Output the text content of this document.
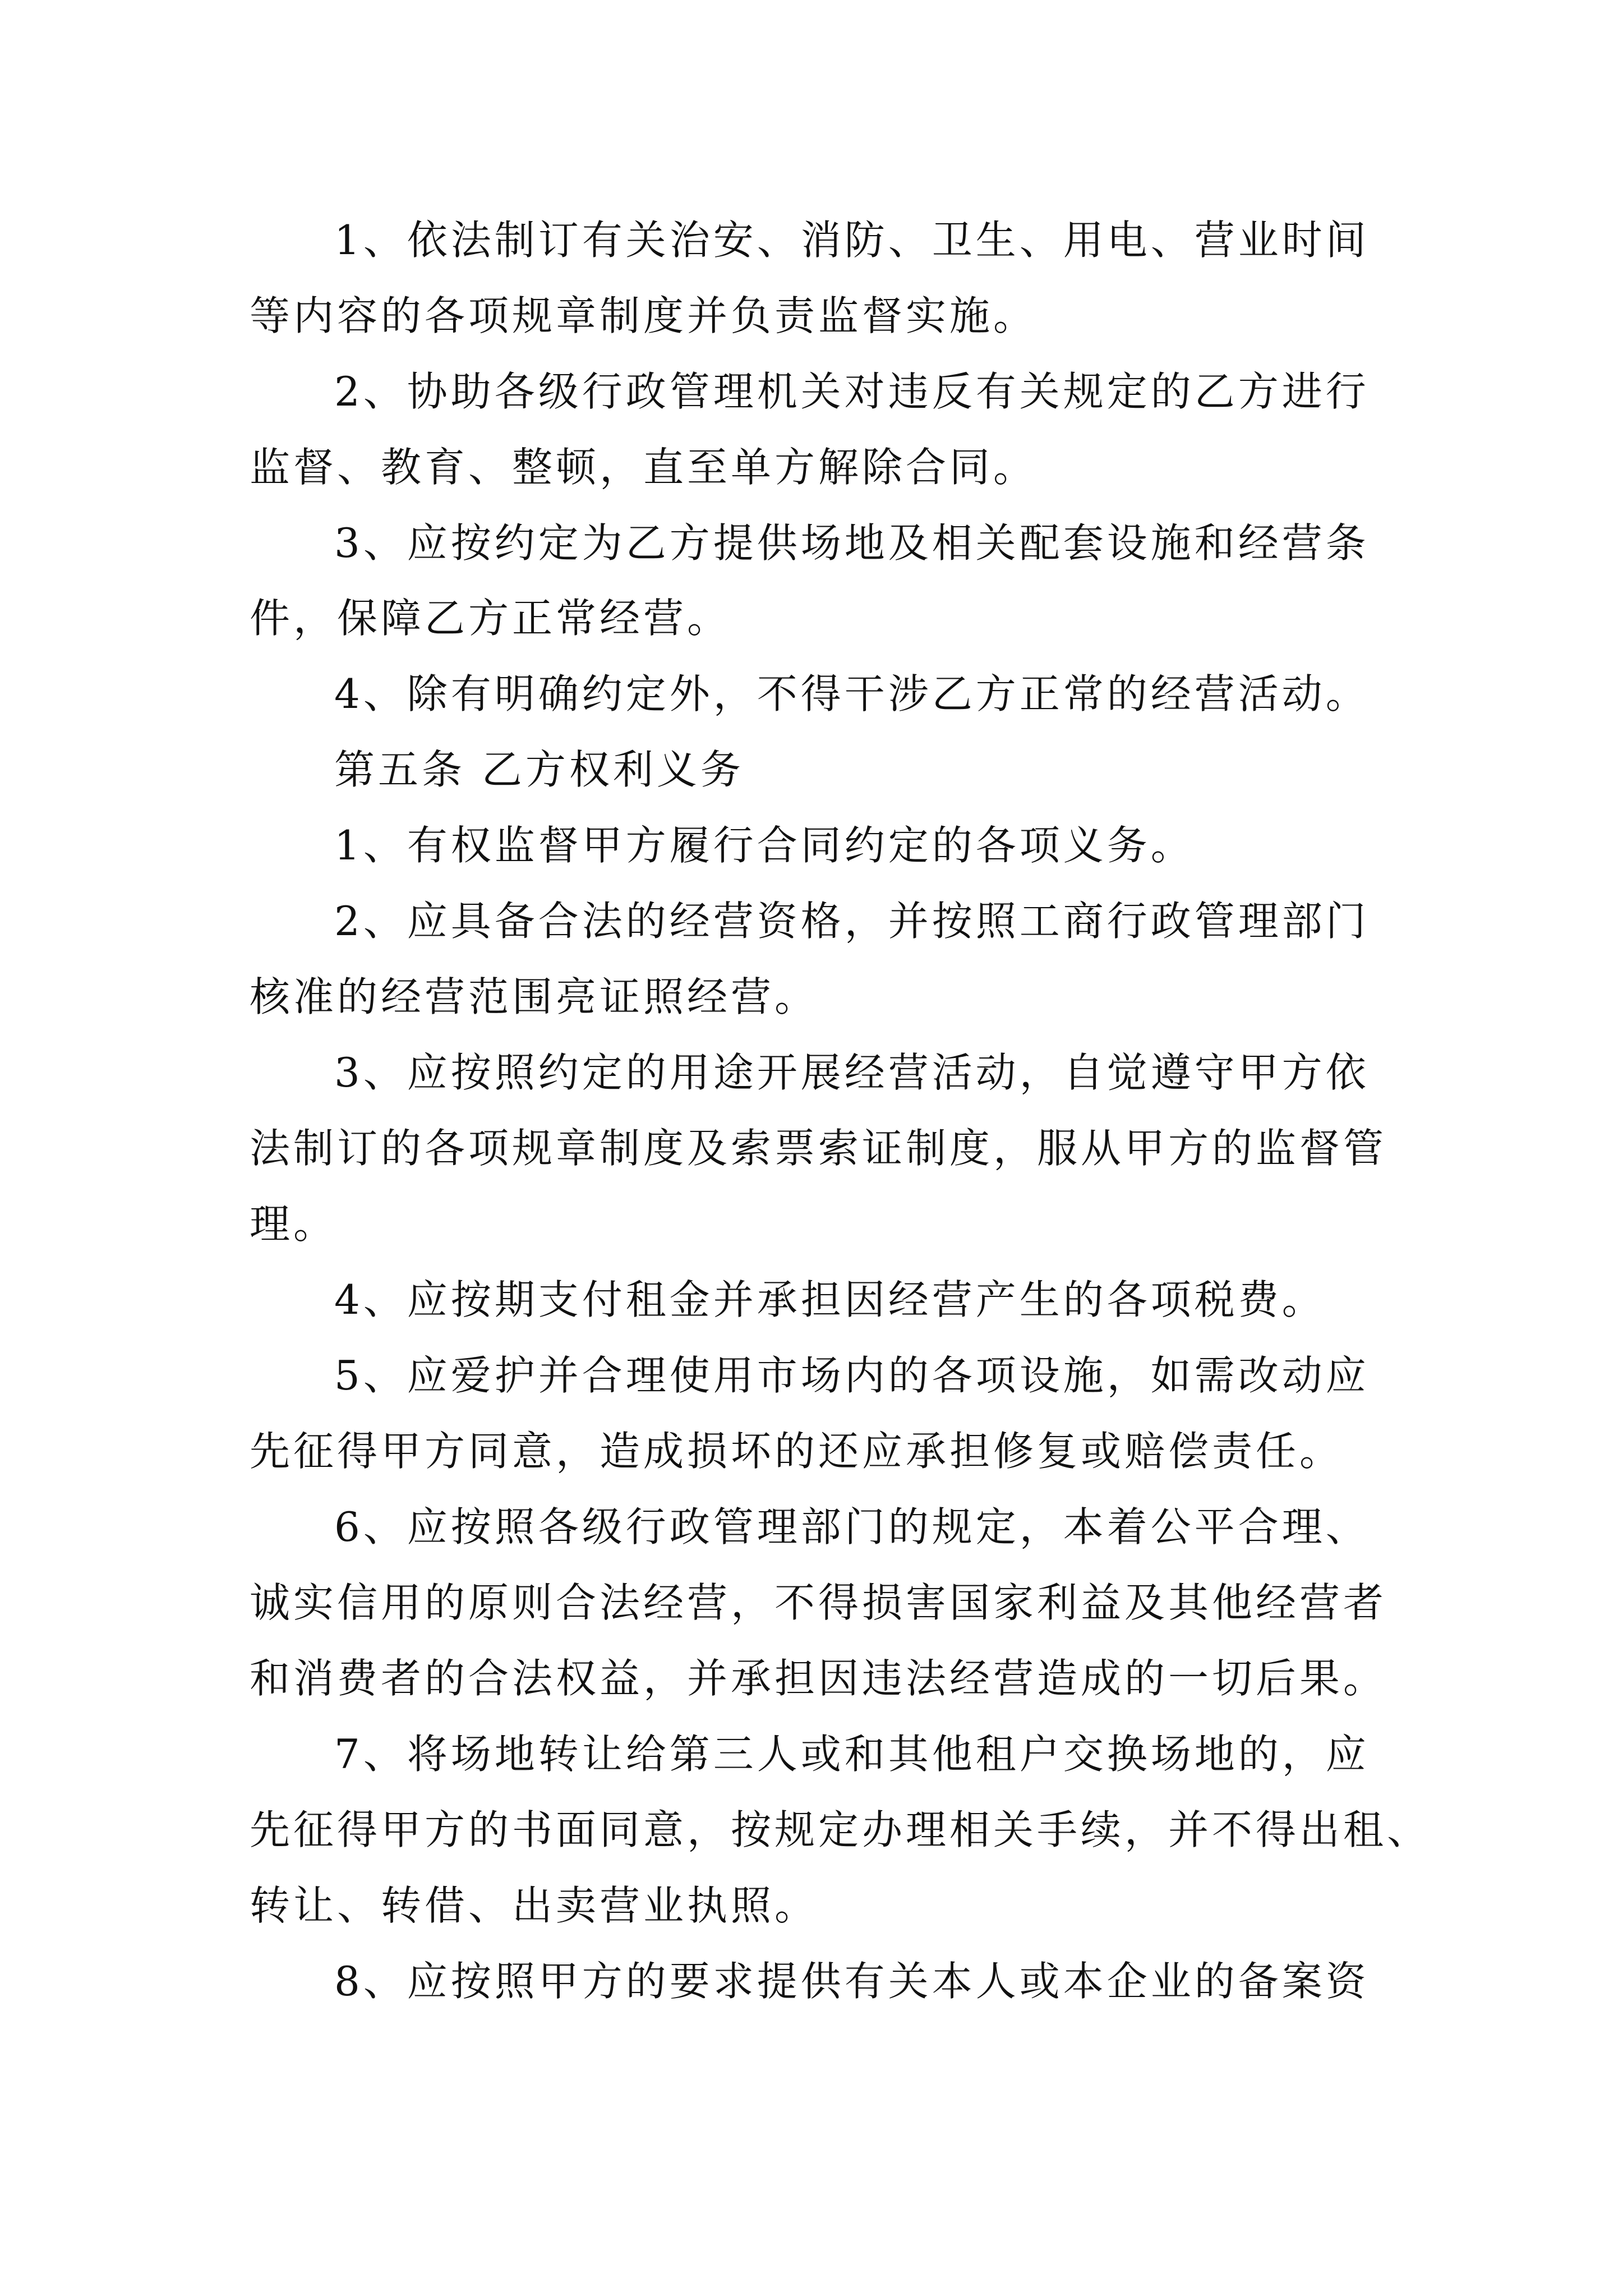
1、依法制订有关治安、消防、卫生、用电、营业时间
等内容的各项规章制度并负责监督实施。
2、协助各级行政管理机关对违反有关规定的乙方进行
监督、教育、整顿，直至单方解除合同。
3、应按约定为乙方提供场地及相关配套设施和经营条
件，保障乙方正常经营。
4、除有明确约定外，不得干涉乙方正常的经营活动。
第五条 乙方权利义务
1、有权监督甲方履行合同约定的各项义务。
2、应具备合法的经营资格，并按照工商行政管理部门
核准的经营范围亮证照经营。
3、应按照约定的用途开展经营活动，自觉遵守甲方依
法制订的各项规章制度及索票索证制度，服从甲方的监督管
理。
4、应按期支付租金并承担因经营产生的各项税费。
5、应爱护并合理使用市场内的各项设施，如需改动应
先征得甲方同意，造成损坏的还应承担修复或赔偿责任。
6、应按照各级行政管理部门的规定，本着公平合理、
诚实信用的原则合法经营，不得损害国家利益及其他经营者
和消费者的合法权益，并承担因违法经营造成的一切后果。
7、将场地转让给第三人或和其他租户交换场地的，应
先征得甲方的书面同意，按规定办理相关手续，并不得出租、
转让、转借、出卖营业执照。
8、应按照甲方的要求提供有关本人或本企业的备案资
